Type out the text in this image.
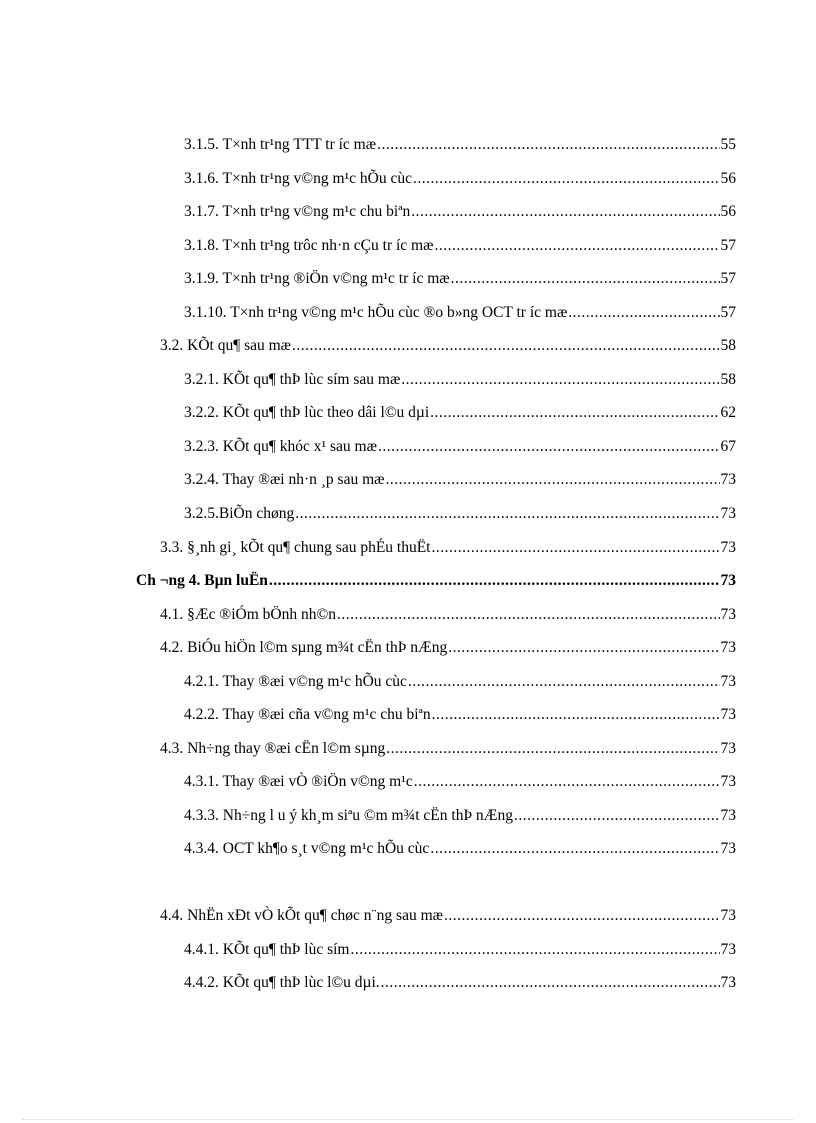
3.1.5. T×nh tr¹ng TTT tr íc mæ .....	55
3.1.6. T×nh tr¹ng v©ng m¹c hÕu cùc .....	56
3.1.7. T×nh tr¹ng v©ng m¹c chu biªn .....	56
3.1.8. T×nh tr¹ng trôc nh·n cÇu tr íc mæ .....	57
3.1.9. T×nh tr¹ng ®iÖn v©ng m¹c tr íc mæ .....	57
3.1.10. T×nh tr¹ng v©ng m¹c hÕu cùc ®o b»ng OCT tr íc mæ .....	57
3.2. KÕt qu¶ sau mæ .....	58
3.2.1. KÕt qu¶ thÞ lùc sím sau mæ .....	58
3.2.2. KÕt qu¶ thÞ lùc theo dâi l©u dµi .....	62
3.2.3. KÕt qu¶ khóc x¹ sau mæ .....	67
3.2.4. Thay ®æi nh·n ¸p sau mæ .....	73
3.2.5.BiÕn chøng .....	73
3.3. §¸nh gi¸ kÕt qu¶ chung sau phÉu thuËt .....	73
Ch ¬ng 4. Bµn luËn .....	73
4.1. §Æc ®iÓm bÖnh nh©n .....	73
4.2. BiÓu hiÖn l©m sµng m¾t cËn thÞ nÆng .....	73
4.2.1. Thay ®æi v©ng m¹c hÕu cùc .....	73
4.2.2. Thay ®æi cña v©ng m¹c chu biªn .....	73
4.3. Nh÷ng thay ®æi cËn l©m sµng .....	73
4.3.1. Thay ®æi vÒ ®iÖn v©ng m¹c .....	73
4.3.3. Nh÷ng l u ý kh¸m siªu ©m m¾t cËn thÞ nÆng .....	73
4.3.4. OCT kh¶o s¸t v©ng m¹c hÕu cùc .....	73
4.4. NhËn xÐt vÒ kÕt qu¶ chøc n¨ng sau mæ .....	73
4.4.1. KÕt qu¶ thÞ lùc sím .....	73
4.4.2. KÕt qu¶ thÞ lùc l©u dµi. .....	73
